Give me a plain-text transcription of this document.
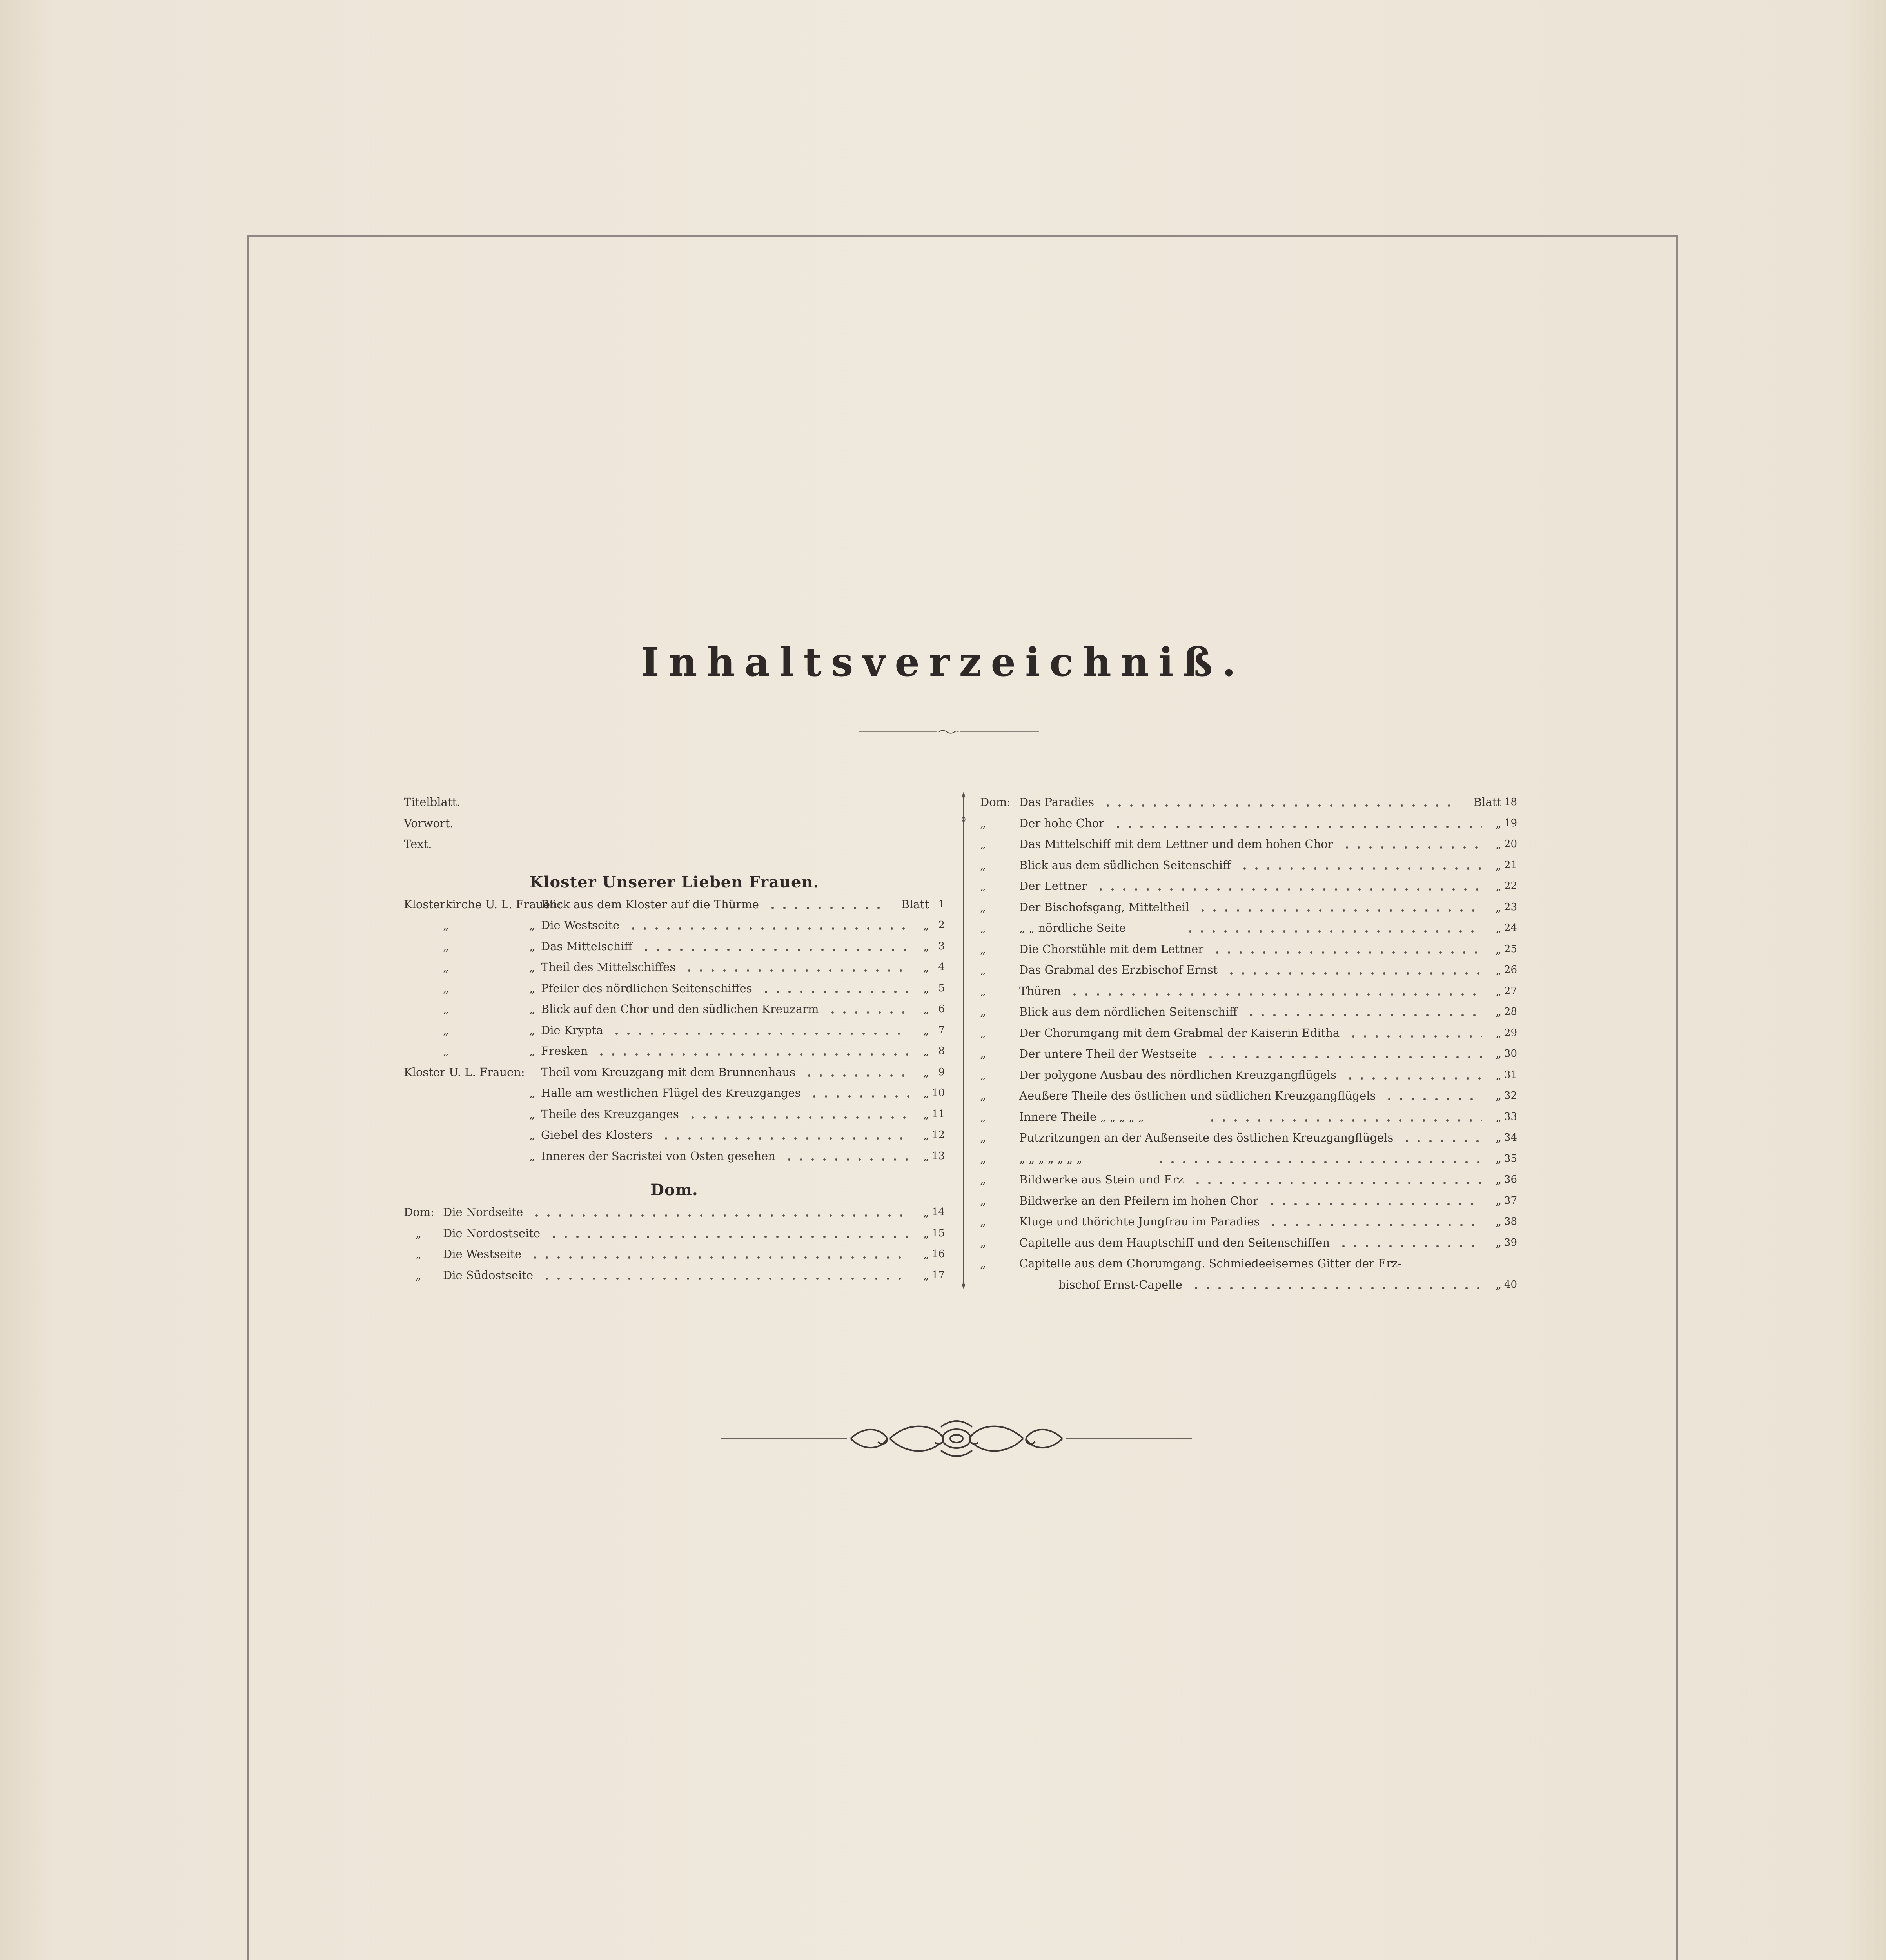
Inhaltsverzeichniß.
Titelblatt.
Vorwort.
Text.
Kloster Unserer Lieben Frauen.
Klosterkirche U. L. Frauen:
Blick aus dem Kloster auf die Thürme	Blatt 1
„	„ Die Westseite	„ 2
„	„ Das Mittelschiff	„ 3
„	„ Theil des Mittelschiffes	„ 4
„	„ Pfeiler des nördlichen Seitenschiffes	„ 5
„	„ Blick auf den Chor und den südlichen Kreuzarm	„ 6
„	„ Die Krypta	„ 7
„	„ Fresken	„ 8
Kloster U. L. Frauen: Theil vom Kreuzgang mit dem Brunnenhaus	„ 9
„ Halle am westlichen Flügel des Kreuzganges	„ 10
„ Theile des Kreuzganges	„ 11
„ Giebel des Klosters	„ 12
„ Inneres der Sacristei von Osten gesehen	„ 13
Dom.
Dom: Die Nordseite	„ 14
„ Die Nordostseite	„ 15
„ Die Westseite	„ 16
„ Die Südostseite	„ 17
Dom: Das Paradies	Blatt 18
„	Der hohe Chor	„ 19
„	Das Mittelschiff mit dem Lettner und dem hohen Chor	„ 20
„	Blick aus dem südlichen Seitenschiff	„ 21
„	Der Lettner	„ 22
„	Der Bischofsgang, Mitteltheil	„ 23
„	„ „ nördliche Seite	„ 24
„	Die Chorstühle mit dem Lettner	„ 25
„	Das Grabmal des Erzbischof Ernst	„ 26
„	Thüren	„ 27
„	Blick aus dem nördlichen Seitenschiff	„ 28
„	Der Chorumgang mit dem Grabmal der Kaiserin Editha	„ 29
„	Der untere Theil der Westseite	„ 30
„	Der polygone Ausbau des nördlichen Kreuzgangflügels	„ 31
„	Aeußere Theile des östlichen und südlichen Kreuzgangflügels	„ 32
„	Innere Theile „ „ „ „ „	„ 33
„	Putzritzungen an der Außenseite des östlichen Kreuzgangflügels	„ 34
„	„ „ „ „ „ „ „	„ 35
„	Bildwerke aus Stein und Erz	„ 36
„	Bildwerke an den Pfeilern im hohen Chor	„ 37
„	Kluge und thörichte Jungfrau im Paradies	„ 38
„	Capitelle aus dem Hauptschiff und den Seitenschiffen	„ 39
„	Capitelle aus dem Chorumgang. Schmiedeeisernes Gitter der Erz-
bischof Ernst-Capelle	„ 40
